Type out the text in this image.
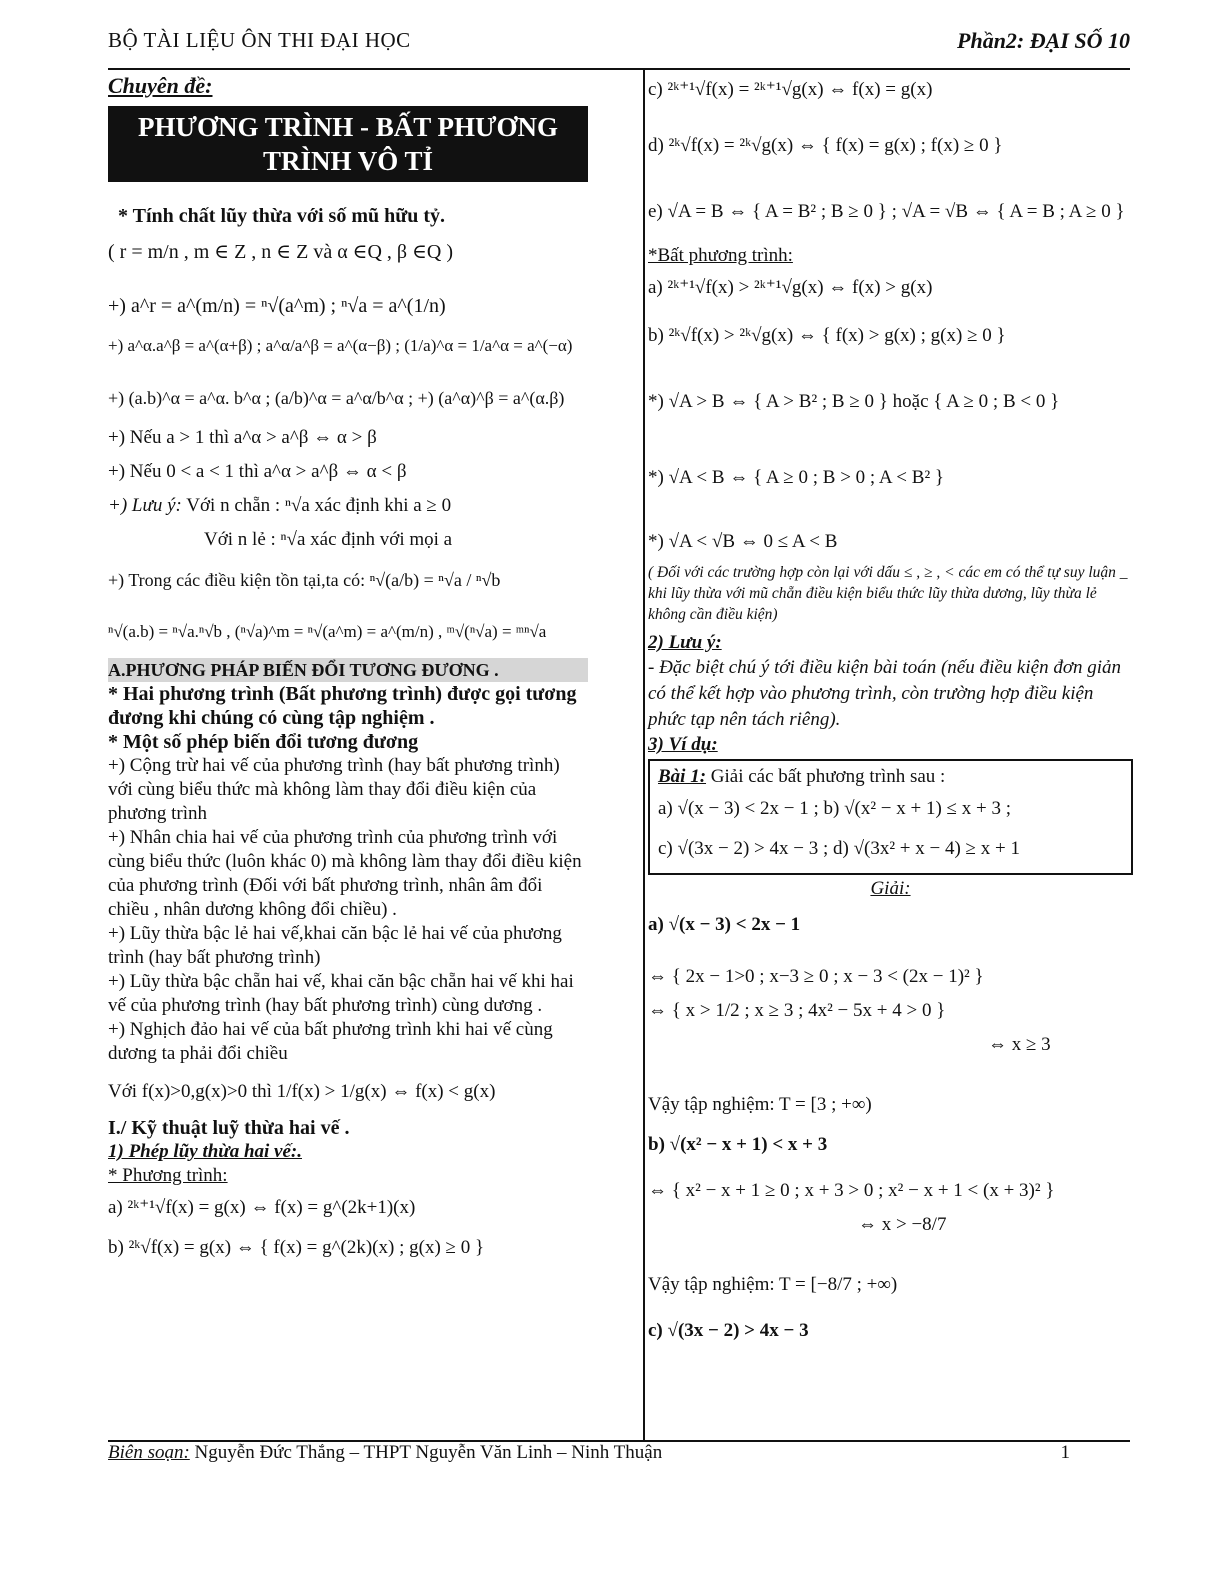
BỘ TÀI LIỆU ÔN THI ĐẠI HỌC	Phần2: ĐẠI SỐ 10
Chuyên đề:
PHƯƠNG TRÌNH - BẤT PHƯƠNG TRÌNH VÔ TỈ
* Tính chất lũy thừa với số mũ hữu tỷ.
( r = m/n , m ∈ Z , n ∈ Z và α ∈Q , β ∈Q )
+) a^r = a^(m/n) = ⁿ√(a^m) ; ⁿ√a = a^(1/n)
+) a^α.a^β = a^(α+β) ; a^α/a^β = a^(α−β) ; (1/a)^α = 1/a^α = a^(−α)
+) (a.b)^α = a^α. b^α ; (a/b)^α = a^α/b^α ; +) (a^α)^β = a^(α.β)
+) Nếu a > 1 thì a^α > a^β ⇔ α > β
+) Nếu 0 < a < 1 thì a^α > a^β ⇔ α < β
+) Lưu ý: Với n chẵn : ⁿ√a xác định khi a ≥ 0
Với n lẻ : ⁿ√a xác định với mọi a
+) Trong các điều kiện tồn tại,ta có: ⁿ√(a/b) = ⁿ√a / ⁿ√b
ⁿ√(a.b) = ⁿ√a.ⁿ√b , (ⁿ√a)^m = ⁿ√(a^m) = a^(m/n) , ᵐ√(ⁿ√a) = ᵐⁿ√a
A.PHƯƠNG PHÁP BIẾN ĐỔI TƯƠNG ĐƯƠNG .
* Hai phương trình (Bất phương trình) được gọi tương đương khi chúng có cùng tập nghiệm .
* Một số phép biến đổi tương đương
+) Cộng trừ hai vế của phương trình (hay bất phương trình) với cùng biểu thức mà không làm thay đổi điều kiện của phương trình
+) Nhân chia hai vế của phương trình của phương trình với cùng biểu thức (luôn khác 0) mà không làm thay đổi điều kiện của phương trình (Đối với bất phương trình, nhân âm đổi chiều , nhân dương không đổi chiều) .
+) Lũy thừa bậc lẻ hai vế,khai căn bậc lẻ hai vế của phương trình (hay bất phương trình)
+) Lũy thừa bậc chẵn hai vế, khai căn bậc chẵn hai vế khi hai vế của phương trình (hay bất phương trình) cùng dương .
+) Nghịch đảo hai vế của bất phương trình khi hai vế cùng dương ta phải đổi chiều
Với f(x)>0,g(x)>0 thì 1/f(x) > 1/g(x) ⇔ f(x) < g(x)
I./ Kỹ thuật luỹ thừa hai vế .
1) Phép lũy thừa hai vế:.
* Phương trình:
a) ²ᵏ⁺¹√f(x) = g(x) ⇔ f(x) = g^(2k+1)(x)
b) ²ᵏ√f(x) = g(x) ⇔ { f(x) = g^(2k)(x) ; g(x) ≥ 0 }
c) ²ᵏ⁺¹√f(x) = ²ᵏ⁺¹√g(x) ⇔ f(x) = g(x)
d) ²ᵏ√f(x) = ²ᵏ√g(x) ⇔ { f(x) = g(x) ; f(x) ≥ 0 }
e) √A = B ⇔ { A = B² ; B ≥ 0 } ; √A = √B ⇔ { A = B ; A ≥ 0 }
*Bất phương trình:
a) ²ᵏ⁺¹√f(x) > ²ᵏ⁺¹√g(x) ⇔ f(x) > g(x)
b) ²ᵏ√f(x) > ²ᵏ√g(x) ⇔ { f(x) > g(x) ; g(x) ≥ 0 }
*) √A > B ⇔ { A > B² ; B ≥ 0 } hoặc { A ≥ 0 ; B < 0 }
*) √A < B ⇔ { A ≥ 0 ; B > 0 ; A < B² }
*) √A < √B ⇔ 0 ≤ A < B
( Đối với các trường hợp còn lại với dấu ≤ , ≥ , < các em có thể tự suy luận _ khi lũy thừa với mũ chẵn điều kiện biểu thức lũy thừa dương, lũy thừa lẻ không cần điều kiện)
2) Lưu ý:
- Đặc biệt chú ý tới điều kiện bài toán (nếu điều kiện đơn giản có thể kết hợp vào phương trình, còn trường hợp điều kiện phức tạp nên tách riêng).
3) Ví dụ:
Bài 1: Giải các bất phương trình sau :
a) √(x − 3) < 2x − 1 ; b) √(x² − x + 1) ≤ x + 3 ;
c) √(3x − 2) > 4x − 3 ; d) √(3x² + x − 4) ≥ x + 1
Giải:
a) √(x − 3) < 2x − 1
⇔ { 2x − 1>0 ; x−3 ≥ 0 ; x − 3 < (2x − 1)² }
⇔ { x > 1/2 ; x ≥ 3 ; 4x² − 5x + 4 > 0 }
⇔ x ≥ 3
Vậy tập nghiệm: T = [3 ; +∞)
b) √(x² − x + 1) < x + 3
⇔ { x² − x + 1 ≥ 0 ; x + 3 > 0 ; x² − x + 1 < (x + 3)² }
⇔ x > −8/7
Vậy tập nghiệm: T = [−8/7 ; +∞)
c) √(3x − 2) > 4x − 3
Biên soạn: Nguyễn Đức Thắng – THPT Nguyễn Văn Linh – Ninh Thuận	1
